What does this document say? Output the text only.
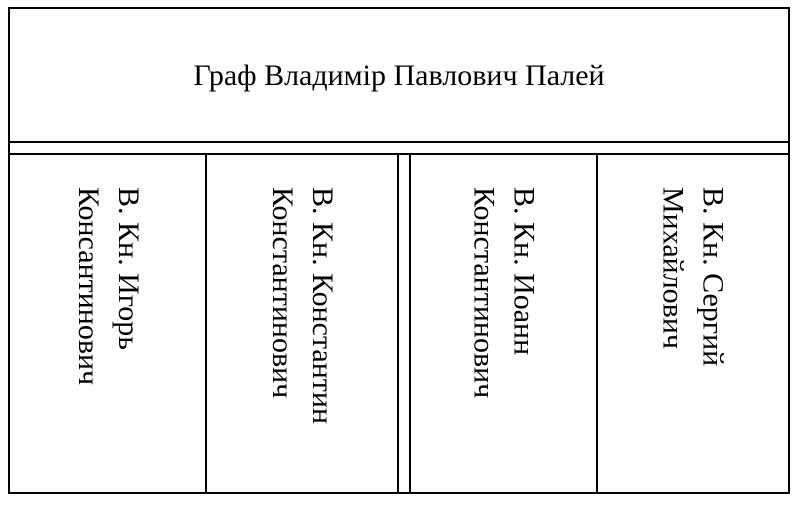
Граф Владимір Павлович Палей
В. Кн. Игорь
Консантинович	В. Кн. Константин
Константинович	В. Кн. Иоанн
Константинович	В. Кн. Сергий
Михайлович
